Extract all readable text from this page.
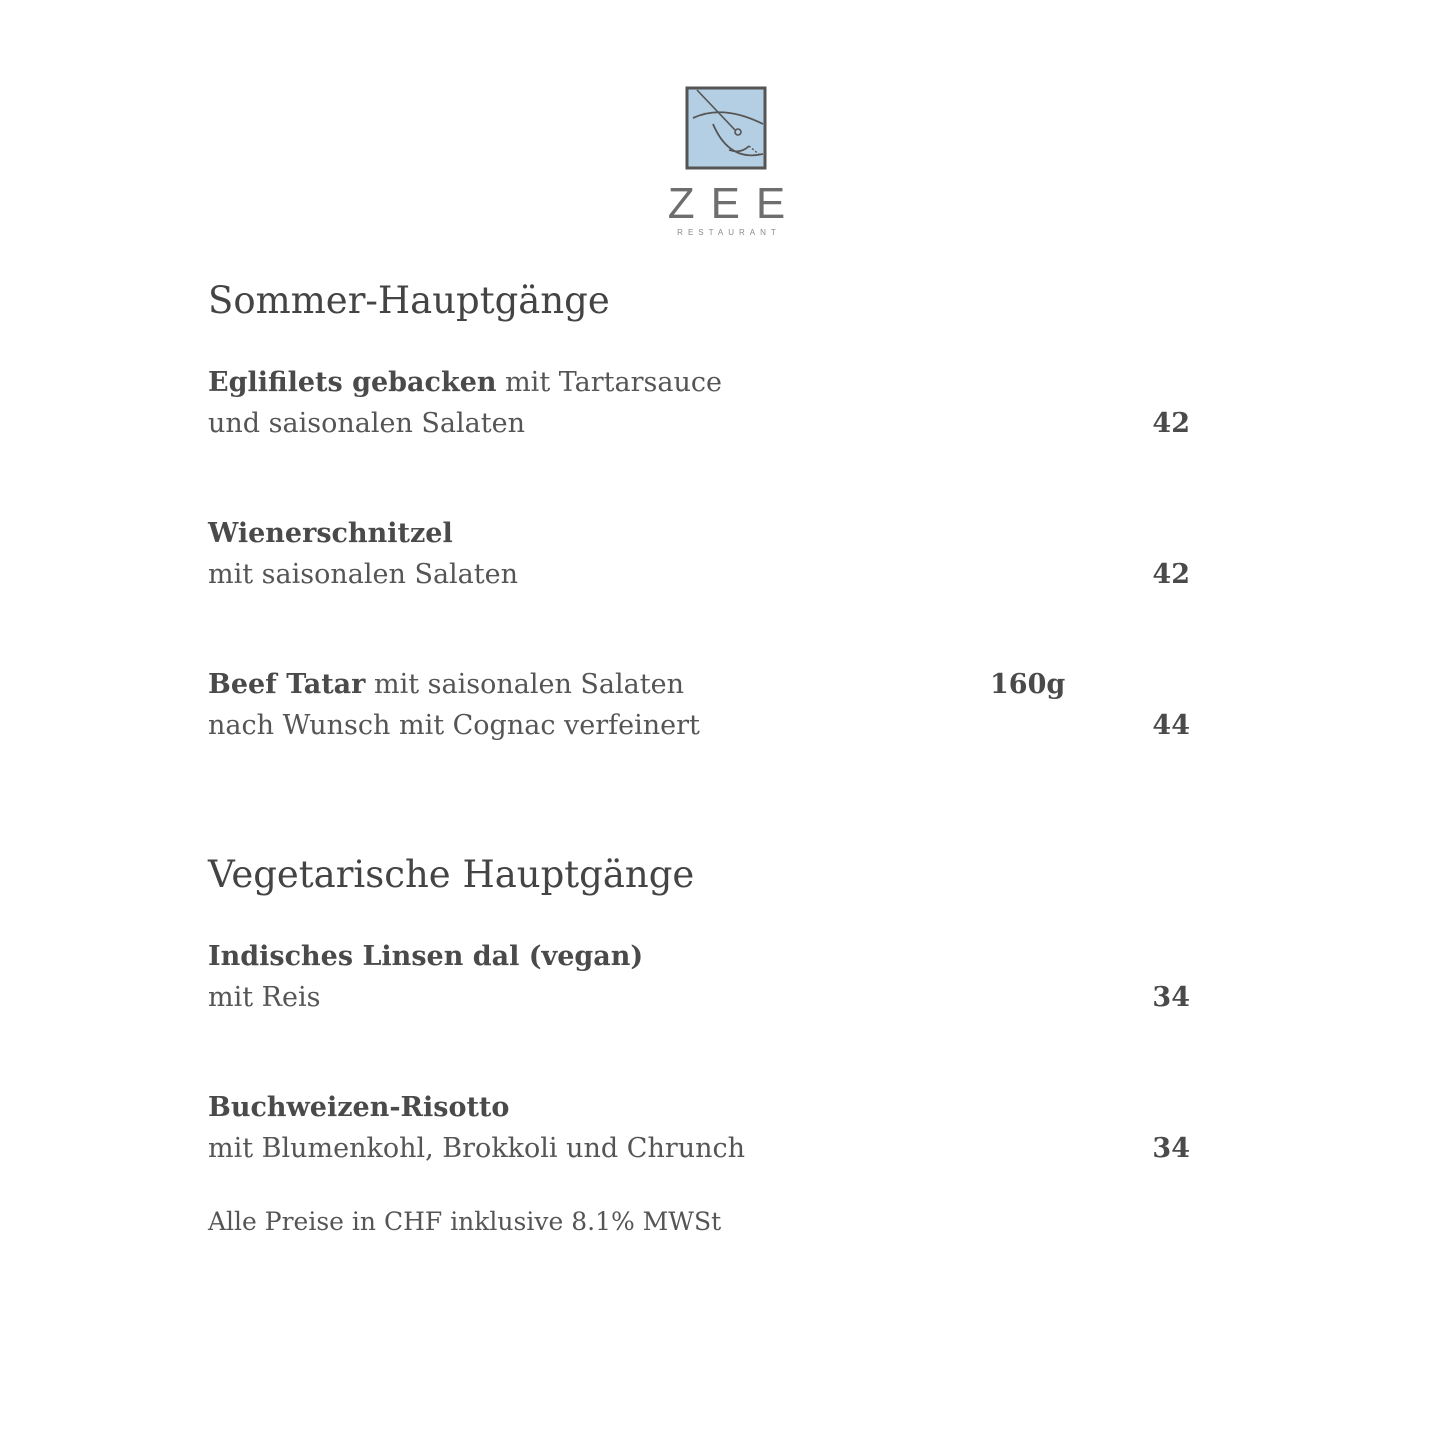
ZEE
RESTAURANT
Sommer-Hauptgänge
Eglifilets gebacken mit Tartarsauce
und saisonalen Salaten	42
Wienerschnitzel
mit saisonalen Salaten	42
Beef Tatar mit saisonalen Salaten	160g
nach Wunsch mit Cognac verfeinert	44
Vegetarische Hauptgänge
Indisches Linsen dal (vegan)
mit Reis	34
Buchweizen-Risotto
mit Blumenkohl, Brokkoli und Chrunch	34
Alle Preise in CHF inklusive 8.1% MWSt
